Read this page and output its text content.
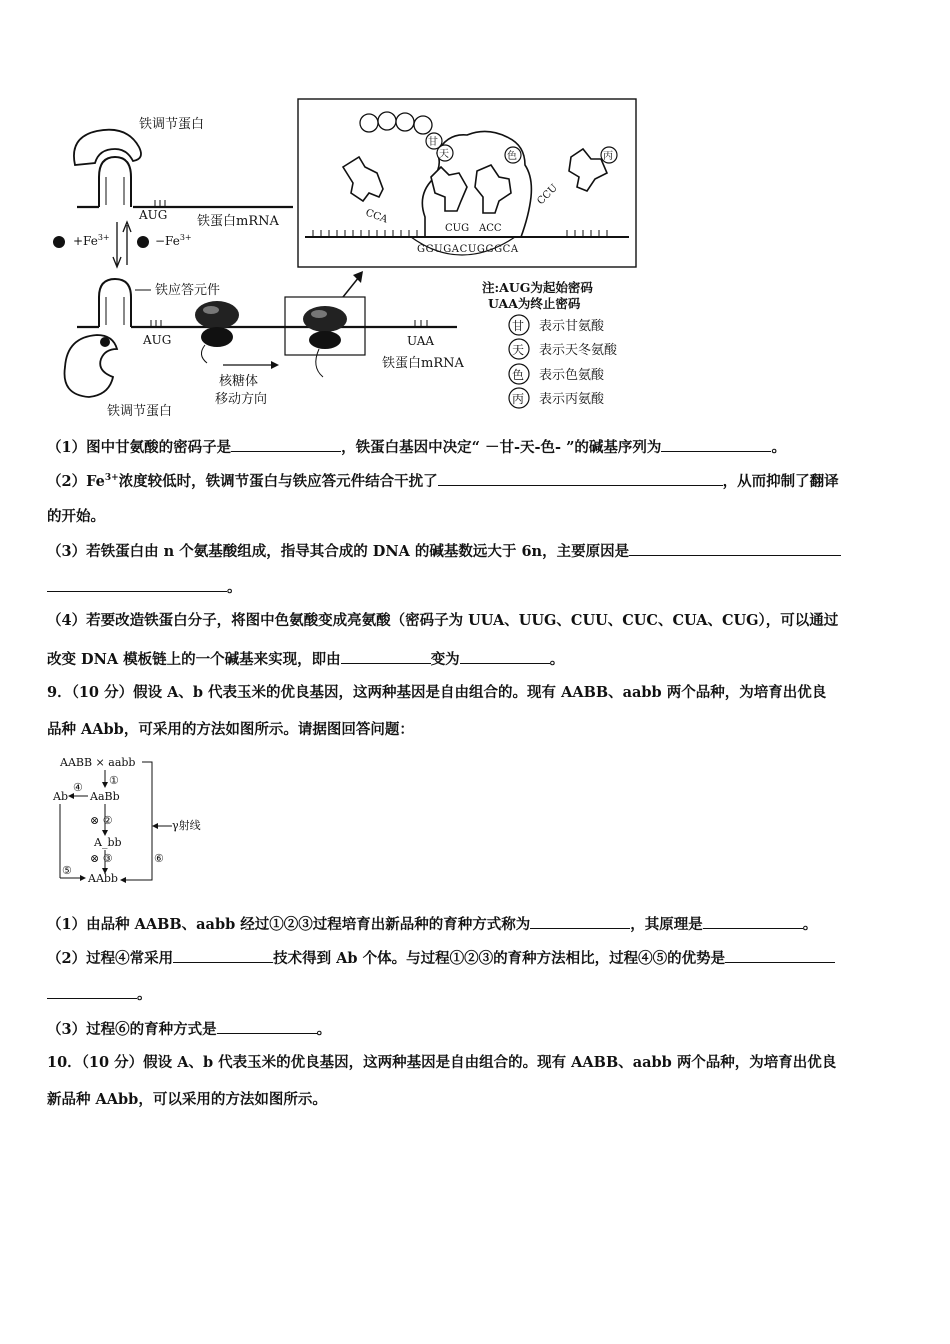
铁调节蛋白
AUG 铁蛋白mRNA
$+Fe^{3+}$	$-Fe^{3+}$
铁应答元件
AUG	UAA
铁蛋白mRNA
铁调节蛋白
核糖体
移动方向
甘
天	色	丙
CCA
CUG ACC
CCU
GGUGACUGGGCA
注:AUG为起始密码
UAA为终止密码
甘 表示甘氨酸
天 表示天冬氨酸
色 表示色氨酸
丙 表示丙氨酸
（1）图中甘氨酸的密码子是	，铁蛋白基因中决定“ －甘-天-色- ”的碱基序列为	。
$(2)Fe^{3+}$浓度较低时，铁调节蛋白与铁应答元件结合干扰了	，从而抑制了翻译
的开始。
（3）若铁蛋白由 n 个氨基酸组成，指导其合成的 DNA 的碱基数远大于 6n，主要原因是
。
（4）若要改造铁蛋白分子，将图中色氨酸变成亮氨酸（密码子为 UUA、UUG、CUU、CUC、CUA、CUG），可以通过
改变 DNA 模板链上的一个碱基来实现，即由	变为	。
9．（10 分）假设 A、b 代表玉米的优良基因，这两种基因是自由组合的。现有 AABB、aabb 两个品种，为培育出优良
品种 AAbb，可采用的方法如图所示。请据图回答问题：
AABB × aabb
①
AaBb
④
Ab
⊗ ②
A_bb
⊗ ③
AAbb
⑤
⑥
γ射线
（1）由品种 AABB、aabb 经过①②③过程培育出新品种的育种方式称为	，其原理是	。
（2）过程④常采用	技术得到 Ab 个体。与过程①②③的育种方法相比，过程④⑤的优势是
。
（3）过程⑥的育种方式是	。
10．（10 分）假设 A、b 代表玉米的优良基因，这两种基因是自由组合的。现有 AABB、aabb 两个品种，为培育出优良
新品种 AAbb，可以采用的方法如图所示。
